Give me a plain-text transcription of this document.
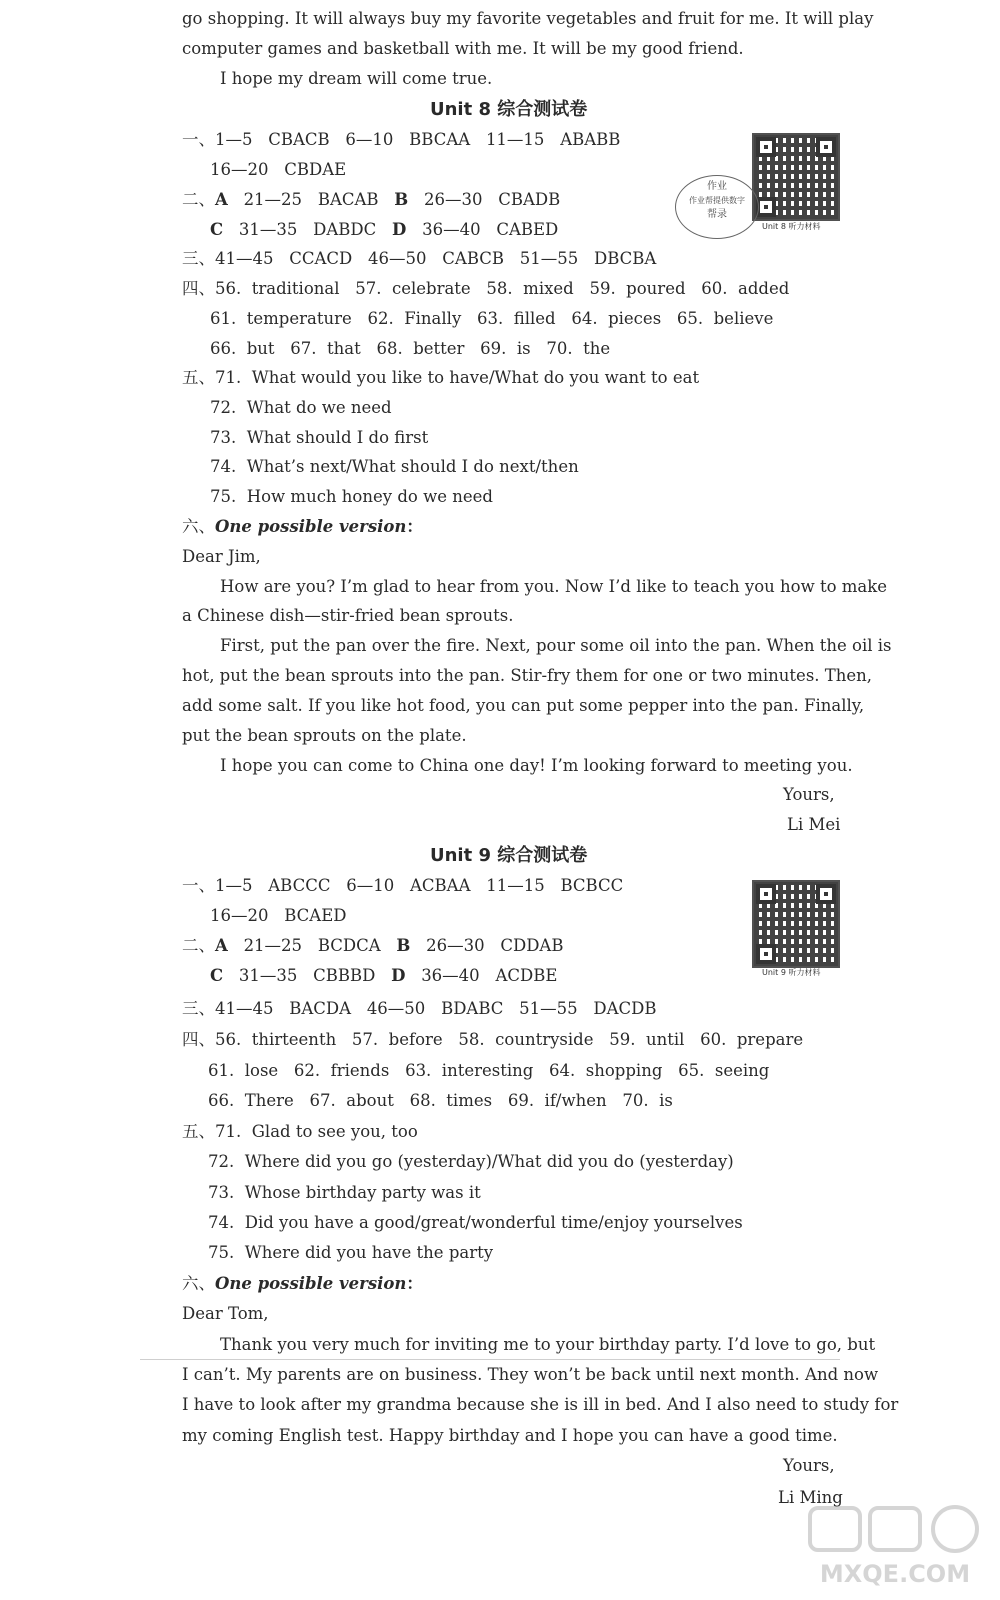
go shopping. It will always buy my favorite vegetables and fruit for me. It will play
computer games and basketball with me. It will be my good friend.
I hope my dream will come true.
Unit 8 综合测试卷
Unit 8 听力材料
作业
作业帮提供数字
帮录
一、1—5 CBACB 6—10 BBCAA 11—15 ABABB
16—20 CBDAE
二、A 21—25 BACAB B 26—30 CBADB
C 31—35 DABDC D 36—40 CABED
三、41—45 CCACD 46—50 CABCB 51—55 DBCBA
四、56.  traditional   57.  celebrate   58.  mixed   59.  poured   60.  added
61.  temperature   62.  Finally   63.  filled   64.  pieces   65.  believe
66.  but   67.  that   68.  better   69.  is   70.  the
五、71.  What would you like to have/What do you want to eat
72.  What do we need
73.  What should I do first
74.  What’s next/What should I do next/then
75.  How much honey do we need
六、One possible version：
Dear Jim,
How are you? I’m glad to hear from you. Now I’d like to teach you how to make
a Chinese dish—stir-fried bean sprouts.
First, put the pan over the fire. Next, pour some oil into the pan. When the oil is
hot, put the bean sprouts into the pan. Stir-fry them for one or two minutes. Then,
add some salt. If you like hot food, you can put some pepper into the pan. Finally,
put the bean sprouts on the plate.
I hope you can come to China one day! I’m looking forward to meeting you.
Yours,
Li Mei
Unit 9 综合测试卷
Unit 9 听力材料
一、1—5 ABCCC 6—10 ACBAA 11—15 BCBCC
16—20 BCAED
二、A 21—25 BCDCA B 26—30 CDDAB
C 31—35 CBBBD D 36—40 ACDBE
三、41—45 BACDA 46—50 BDABC 51—55 DACDB
四、56.  thirteenth   57.  before   58.  countryside   59.  until   60.  prepare
61.  lose   62.  friends   63.  interesting   64.  shopping   65.  seeing
66.  There   67.  about   68.  times   69.  if/when   70.  is
五、71.  Glad to see you, too
72.  Where did you go (yesterday)/What did you do (yesterday)
73.  Whose birthday party was it
74.  Did you have a good/great/wonderful time/enjoy yourselves
75.  Where did you have the party
六、One possible version：
Dear Tom,
Thank you very much for inviting me to your birthday party. I’d love to go, but
I can’t. My parents are on business. They won’t be back until next month. And now
I have to look after my grandma because she is ill in bed. And I also need to study for
my coming English test. Happy birthday and I hope you can have a good time.
Yours,
Li Ming
MXQE.COM
